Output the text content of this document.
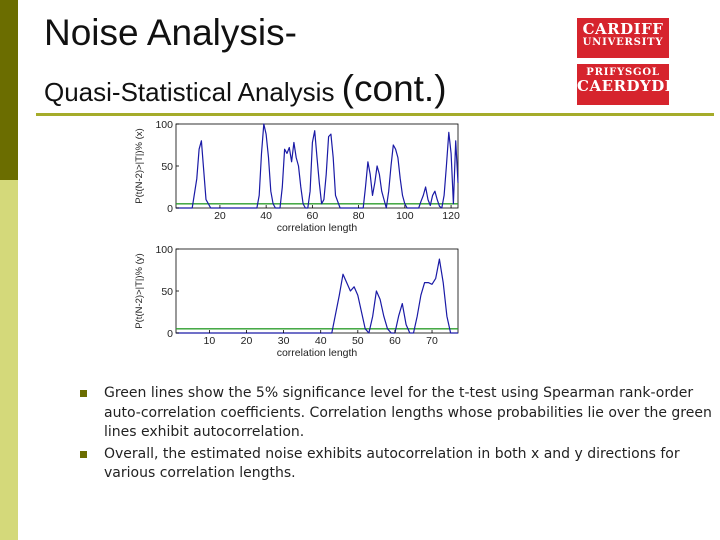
Noise Analysis-
Quasi-Statistical Analysis (cont.)
CARDIFF
UNIVERSITY
PRIFYSGOL
CAERDYDD
20	40	60	80	100	120
0
50
100
correlation length
P(t(N-2)>|T|)% (x)
10 20 30 40 50 60 70
0
50
100
correlation length
P(t(N-2)>|T|)% (y)

Green lines show the 5% significance level for the t-test using Spearman rank-order auto-correlation coefficients. Correlation lengths whose probabilities lie over the green lines exhibit autocorrelation.

Overall, the estimated noise exhibits autocorrelation in both x and y directions for various correlation lengths.
